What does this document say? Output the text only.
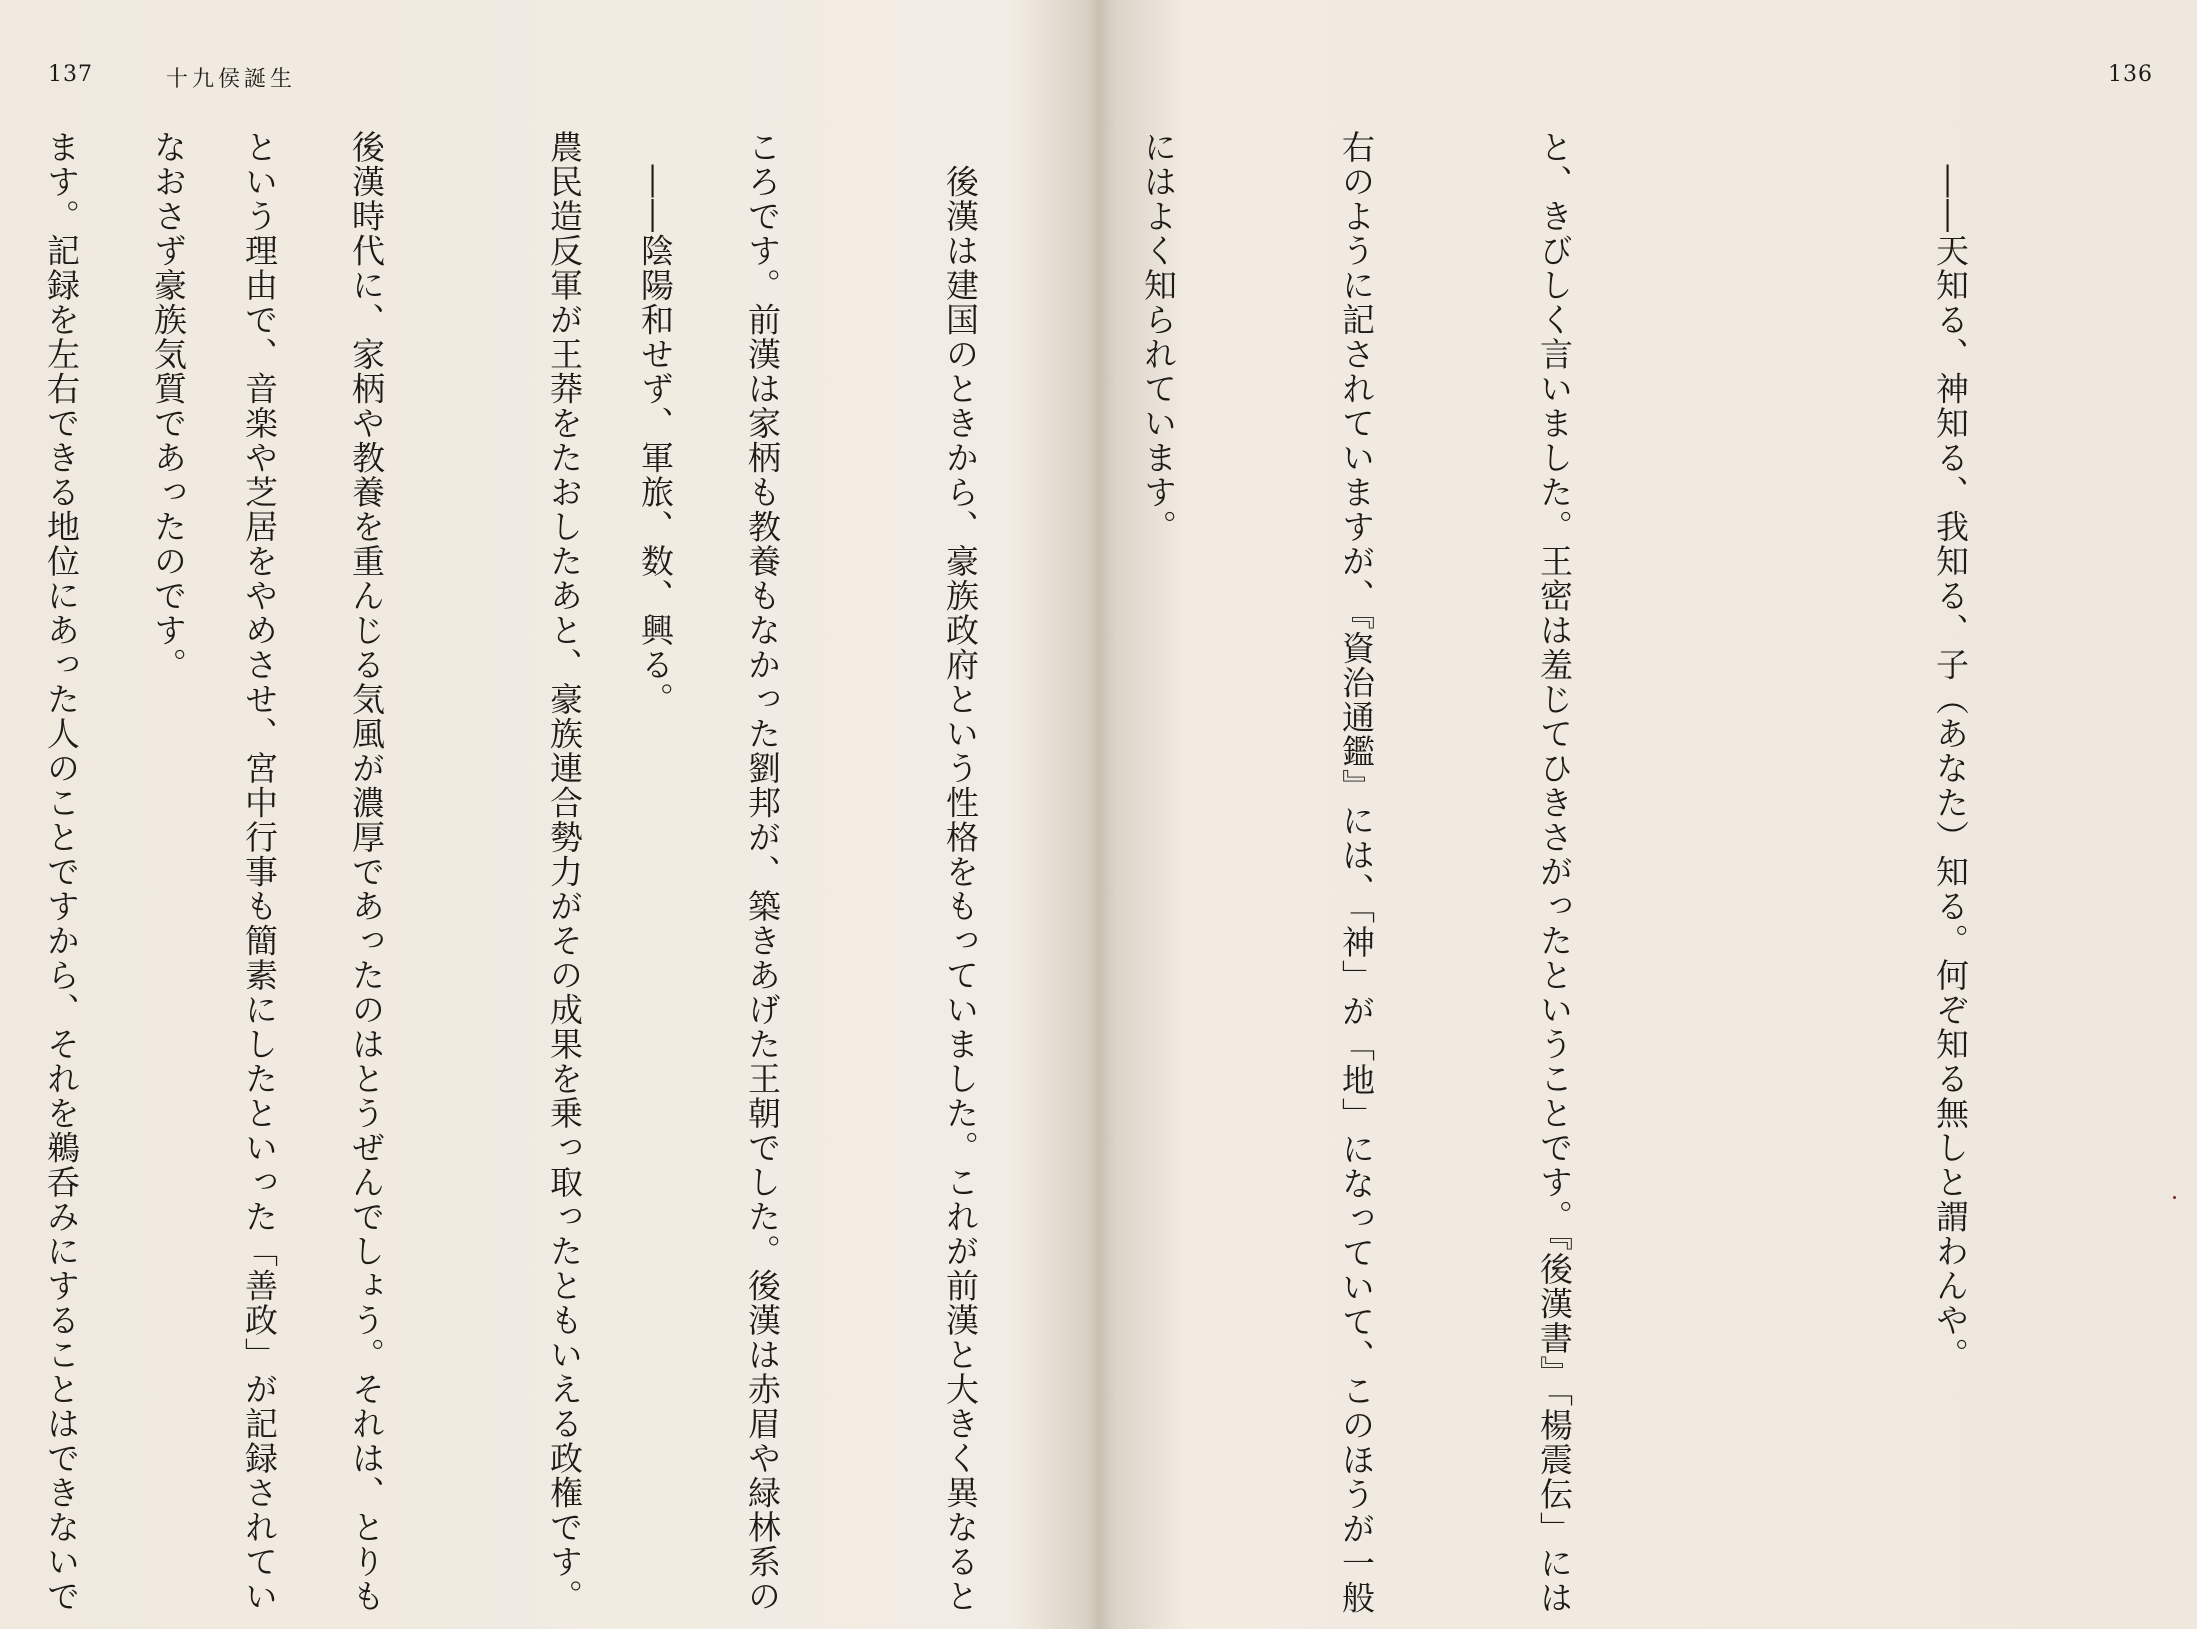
137	十九侯誕生

　――陰陽和せず、軍旅、数、興る。

という理由で、音楽や芝居をやめさせ、宮中行事も簡素にしたといった「善政」が記録されてい

ます。記録を左右できる地位にあった人のことですから、それを鵜呑みにすることはできないで

136

　――天知る、神知る、我知る、子（あなた）知る。何ぞ知る無しと謂わんや。

と、きびしく言いました。王密は羞じてひきさがったということです。『後漢書』「楊震伝」には

右のように記されていますが、『資治通鑑』には、「神」が「地」になっていて、このほうが一般

にはよく知られています。

　後漢は建国のときから、豪族政府という性格をもっていました。これが前漢と大きく異なると

ころです。前漢は家柄も教養もなかった劉邦が、築きあげた王朝でした。後漢は赤眉や緑林系の

農民造反軍が王莽をたおしたあと、豪族連合勢力がその成果を乗っ取ったともいえる政権です。

後漢時代に、家柄や教養を重んじる気風が濃厚であったのはとうぜんでしょう。それは、とりも

なおさず豪族気質であったのです。
